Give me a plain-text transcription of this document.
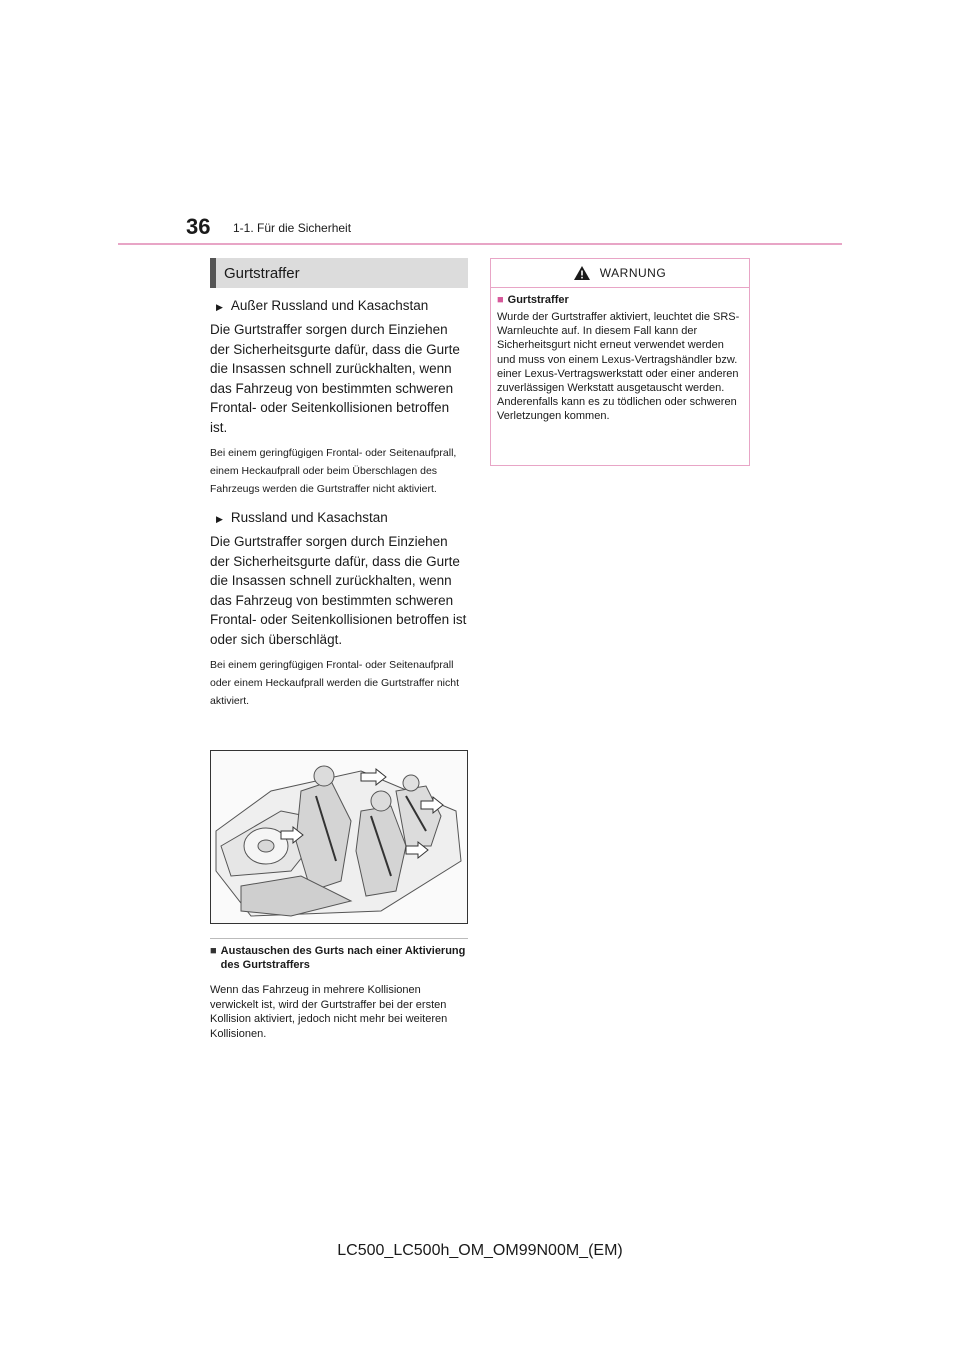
36 1-1. Für die Sicherheit
Gurtstraffer
▶ Außer Russland und Kasachstan
Die Gurtstraffer sorgen durch Einziehen der Sicherheitsgurte dafür, dass die Gurte die Insassen schnell zurückhalten, wenn das Fahrzeug von bestimmten schweren Frontal- oder Seitenkollisionen betroffen ist.
Bei einem geringfügigen Frontal- oder Seitenaufprall, einem Heckaufprall oder beim Überschlagen des Fahrzeugs werden die Gurtstraffer nicht aktiviert.
▶ Russland und Kasachstan
Die Gurtstraffer sorgen durch Einziehen der Sicherheitsgurte dafür, dass die Gurte die Insassen schnell zurückhalten, wenn das Fahrzeug von bestimmten schweren Frontal- oder Seitenkollisionen betroffen ist oder sich überschlägt.
Bei einem geringfügigen Frontal- oder Seitenaufprall oder einem Heckaufprall werden die Gurtstraffer nicht aktiviert.
■ Austauschen des Gurts nach einer Aktivierung des Gurtstraffers
Wenn das Fahrzeug in mehrere Kollisionen verwickelt ist, wird der Gurtstraffer bei der ersten Kollision aktiviert, jedoch nicht mehr bei weiteren Kollisionen.
WARNUNG
■ Gurtstraffer
Wurde der Gurtstraffer aktiviert, leuchtet die SRS-Warnleuchte auf. In diesem Fall kann der Sicherheitsgurt nicht erneut verwendet werden und muss von einem Lexus-Vertragshändler bzw. einer Lexus-Vertragswerkstatt oder einer anderen zuverlässigen Werkstatt ausgetauscht werden. Anderenfalls kann es zu tödlichen oder schweren Verletzungen kommen.
LC500_LC500h_OM_OM99N00M_(EM)
